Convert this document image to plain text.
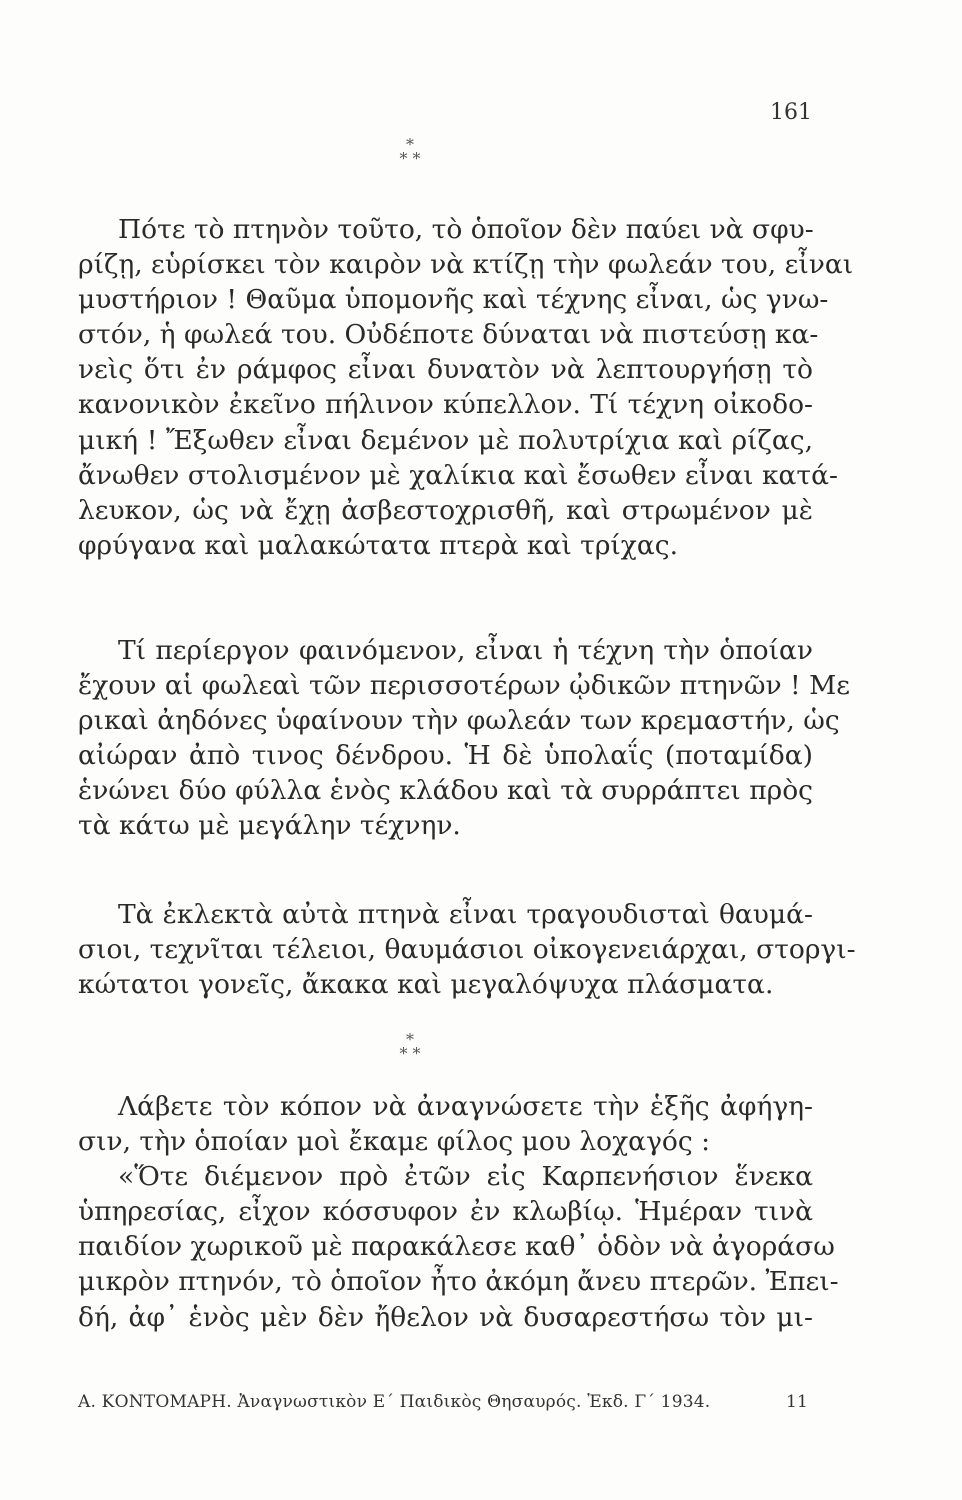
161
*
* *
Πότε τὸ πτηνὸν τοῦτο, τὸ ὁποῖον δὲν παύει νὰ σφυ-
ρίζῃ, εὑρίσκει τὸν καιρὸν νὰ κτίζῃ τὴν φωλεάν του, εἶναι
μυστήριον ! Θαῦμα ὑπομονῆς καὶ τέχνης εἶναι, ὡς γνω-
στόν, ἡ φωλεά του. Οὐδέποτε δύναται νὰ πιστεύσῃ κα-
νεὶς ὅτι ἐν ράμφος εἶναι δυνατὸν νὰ λεπτουργήσῃ τὸ
κανονικὸν ἐκεῖνο πήλινον κύπελλον. Τί τέχνη οἰκοδο-
μική ! Ἔξωθεν εἶναι δεμένον μὲ πολυτρίχια καὶ ρίζας,
ἄνωθεν στολισμένον μὲ χαλίκια καὶ ἔσωθεν εἶναι κατά-
λευκον, ὡς νὰ ἔχῃ ἀσβεστοχρισθῆ, καὶ στρωμένον μὲ
φρύγανα καὶ μαλακώτατα πτερὰ καὶ τρίχας.
Τί περίεργον φαινόμενον, εἶναι ἡ τέχνη τὴν ὁποίαν
ἔχουν αἱ φωλεαὶ τῶν περισσοτέρων ᾠδικῶν πτηνῶν ! Με
ρικαὶ ἀηδόνες ὑφαίνουν τὴν φωλεάν των κρεμαστήν, ὡς
αἰώραν ἀπὸ τινος δένδρου. Ἡ δὲ ὑπολαΐς (ποταμίδα)
ἑνώνει δύο φύλλα ἑνὸς κλάδου καὶ τὰ συρράπτει πρὸς
τὰ κάτω μὲ μεγάλην τέχνην.
Τὰ ἐκλεκτὰ αὐτὰ πτηνὰ εἶναι τραγουδισταὶ θαυμά-
σιοι, τεχνῖται τέλειοι, θαυμάσιοι οἰκογενειάρχαι, στοργι-
κώτατοι γονεῖς, ἄκακα καὶ μεγαλόψυχα πλάσματα.
*
* *
Λάβετε τὸν κόπον νὰ ἀναγνώσετε τὴν ἑξῆς ἀφήγη-
σιν, τὴν ὁποίαν μοὶ ἔκαμε φίλος μου λοχαγός :
«Ὅτε διέμενον πρὸ ἐτῶν εἰς Καρπενήσιον ἕνεκα
ὑπηρεσίας, εἶχον κόσσυφον ἐν κλωβίῳ. Ἡμέραν τινὰ
παιδίον χωρικοῦ μὲ παρακάλεσε καθ᾿ ὁδὸν νὰ ἀγοράσω
μικρὸν πτηνόν, τὸ ὁποῖον ἦτο ἀκόμη ἄνευ πτερῶν. Ἐπει-
δή, ἀφ᾿ ἑνὸς μὲν δὲν ἤθελον νὰ δυσαρεστήσω τὸν μι-
Α. ΚΟΝΤΟΜΑΡΗ. Ἀναγνωστικὸν Ε΄ Παιδικὸς Θησαυρός. Ἐκδ. Γ΄ 1934.	11
